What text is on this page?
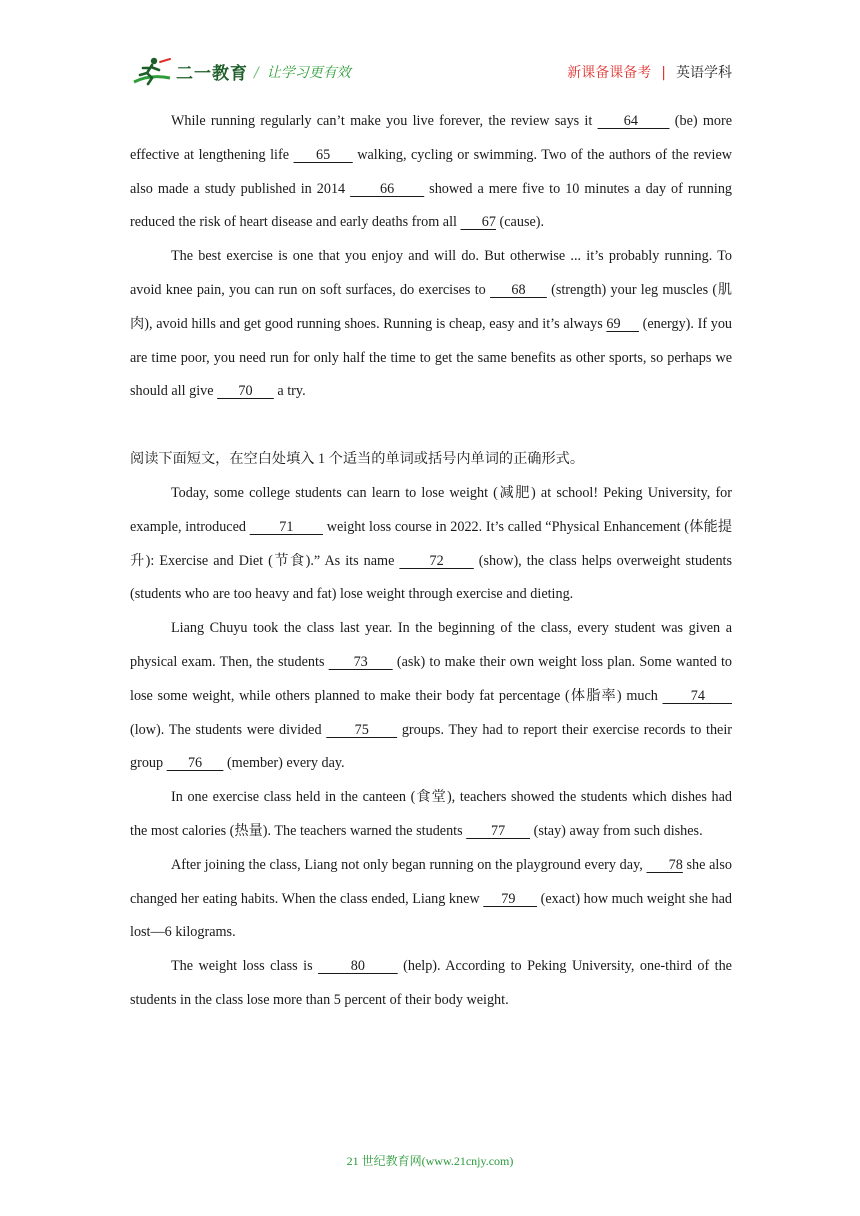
二一教育 / 让学习更有效	新课备课备考 | 英语学科

While running regularly can’t make you live forever, the review says it      64       (be) more effective at lengthening life      65      walking, cycling or swimming. Two of the authors of the review also made a study published in 2014       66       showed a mere five to 10 minutes a day of running reduced the risk of heart disease and early deaths from all       67 (cause).

The best exercise is one that you enjoy and will do. But otherwise ... it’s probably running. To avoid knee pain, you can run on soft surfaces, do exercises to      68      (strength) your leg muscles (肌肉), avoid hills and get good running shoes. Running is cheap, easy and it’s always 69      (energy). If you are time poor, you need run for only half the time to get the same benefits as other sports, so perhaps we should all give       70       a try.

阅读下面短文，在空白处填入 1 个适当的单词或括号内单词的正确形式。

Today, some college students can learn to lose weight (减肥) at school! Peking University, for example, introduced         71         weight loss course in 2022. It’s called “Physical Enhancement (体能提升): Exercise and Diet (节食).” As its name       72       (show), the class helps overweight students (students who are too heavy and fat) lose weight through exercise and dieting.

Liang Chuyu took the class last year. In the beginning of the class, every student was given a physical exam. Then, the students       73       (ask) to make their own weight loss plan. Some wanted to lose some weight, while others planned to make their body fat percentage (体脂率) much       74       (low). The students were divided       75       groups. They had to report their exercise records to their group       76       (member) every day.

In one exercise class held in the canteen (食堂), teachers showed the students which dishes had the most calories (热量). The teachers warned the students        77        (stay) away from such dishes.

After joining the class, Liang not only began running on the playground every day,       78 she also changed her eating habits. When the class ended, Liang knew      79       (exact) how much weight she had lost—6 kilograms.

The weight loss class is       80       (help). According to Peking University, one-third of the students in the class lose more than 5 percent of their body weight.

21 世纪教育网(www.21cnjy.com)
